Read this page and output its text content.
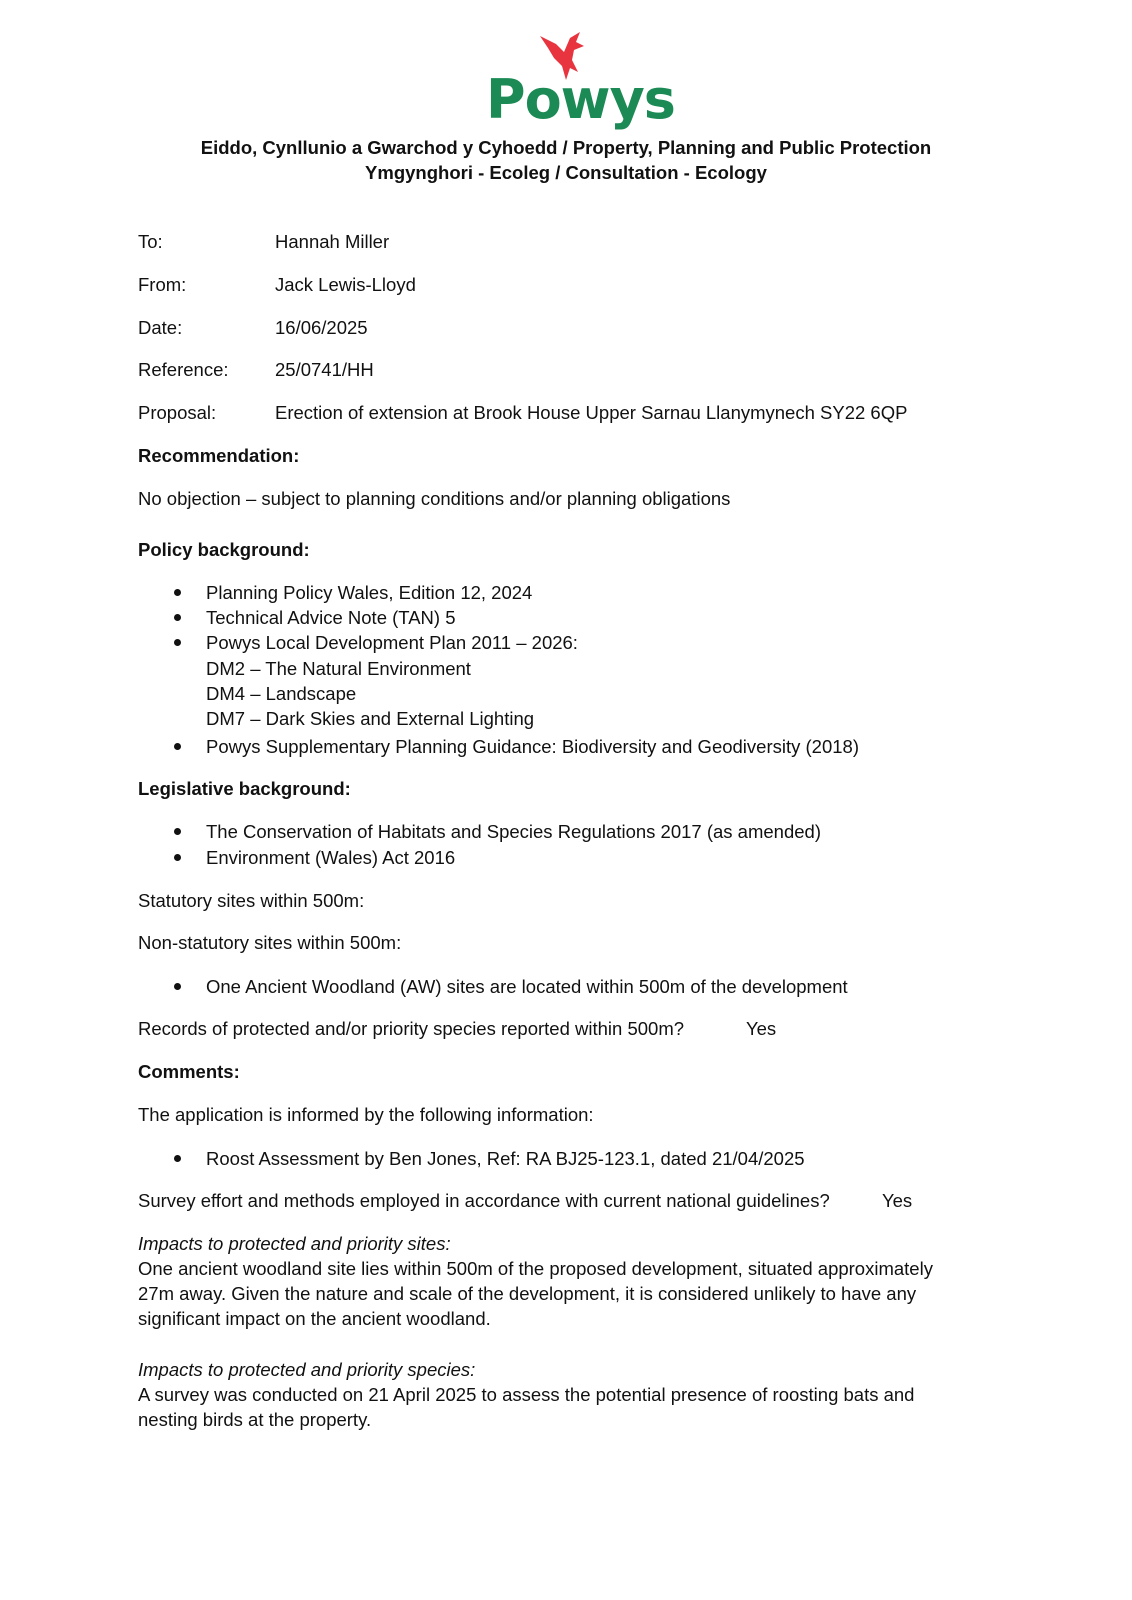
Powys
Eiddo, Cynllunio a Gwarchod y Cyhoedd / Property, Planning and Public Protection
Ymgynghori - Ecoleg / Consultation - Ecology
To:	Hannah Miller
From:	Jack Lewis-Lloyd
Date:	16/06/2025
Reference:	25/0741/HH
Proposal:	Erection of extension at Brook House Upper Sarnau Llanymynech SY22 6QP
Recommendation:
No objection – subject to planning conditions and/or planning obligations
Policy background:
Planning Policy Wales, Edition 12, 2024
Technical Advice Note (TAN) 5
Powys Local Development Plan 2011 – 2026:
DM2 – The Natural Environment
DM4 – Landscape
DM7 – Dark Skies and External Lighting
Powys Supplementary Planning Guidance: Biodiversity and Geodiversity (2018)
Legislative background:
The Conservation of Habitats and Species Regulations 2017 (as amended)
Environment (Wales) Act 2016
Statutory sites within 500m:
Non-statutory sites within 500m:
One Ancient Woodland (AW) sites are located within 500m of the development
Records of protected and/or priority species reported within 500m?	Yes
Comments:
The application is informed by the following information:
Roost Assessment by Ben Jones, Ref: RA BJ25-123.1, dated 21/04/2025
Survey effort and methods employed in accordance with current national guidelines?	Yes
Impacts to protected and priority sites:
One ancient woodland site lies within 500m of the proposed development, situated approximately
27m away. Given the nature and scale of the development, it is considered unlikely to have any
significant impact on the ancient woodland.
Impacts to protected and priority species:
A survey was conducted on 21 April 2025 to assess the potential presence of roosting bats and
nesting birds at the property.
